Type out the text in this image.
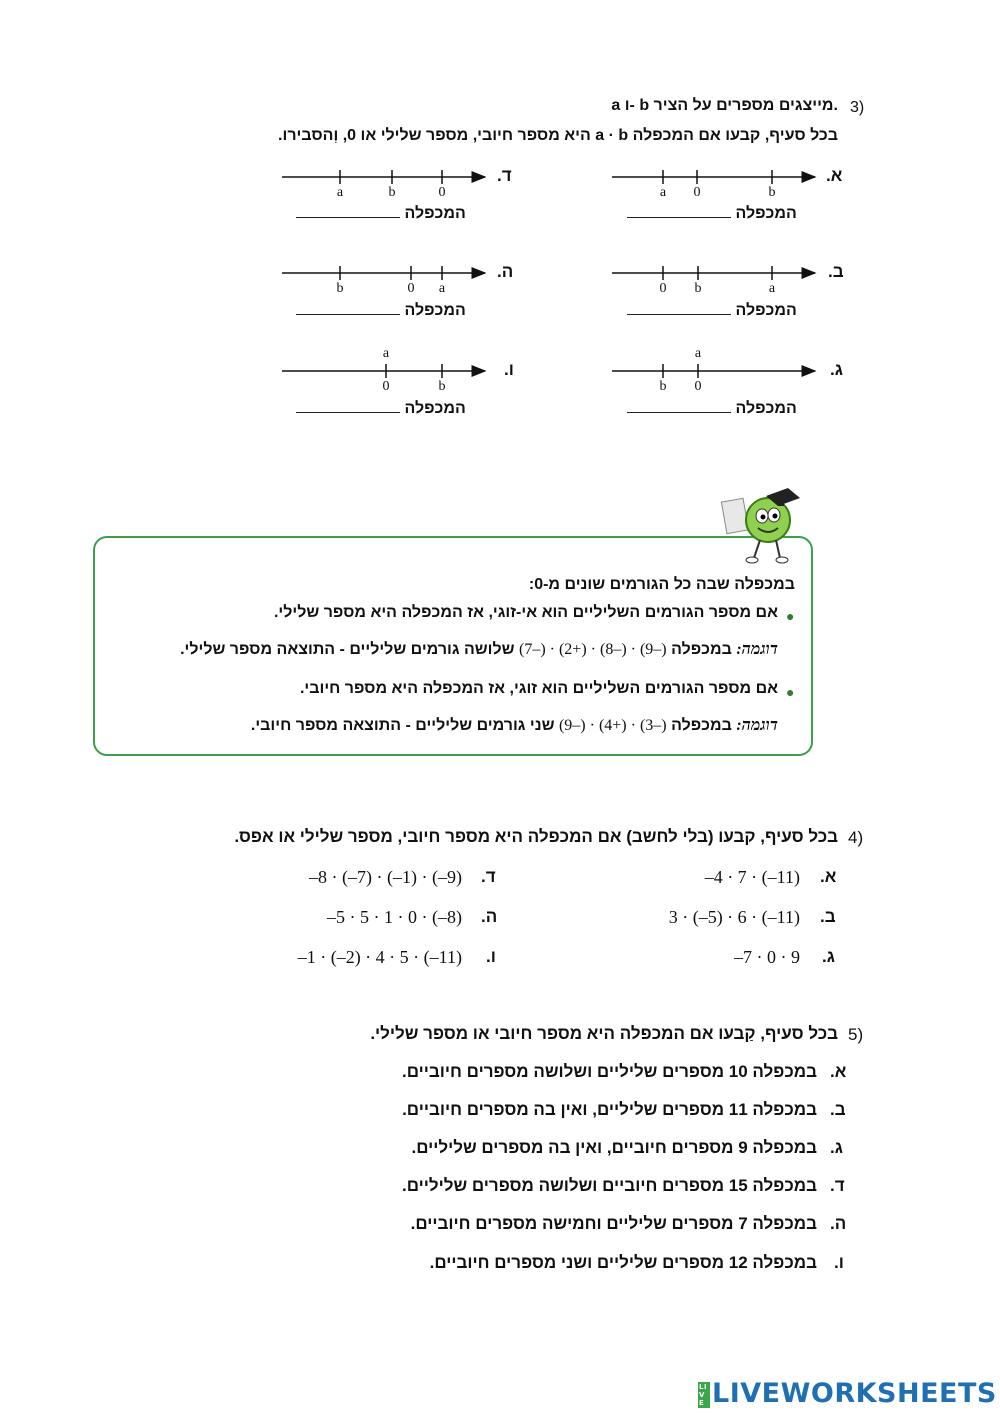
3)
a ו- b מייצגים מספרים על הציר.
בכל סעיף, קבעו אם המכפלה a · b היא מספר חיובי, מספר שלילי או 0, וְהסבירו.
א.
a 0	b
המכפלה
ב.
0 b	a
המכפלה
ג.
a
b 0
המכפלה
ד.
a	b	0
המכפלה
ה.
b	0 a
המכפלה
ו.
a
0	b
המכפלה
במכפלה שבה כל הגורמים שונים מ-0:
●
אם מספר הגורמים השליליים הוא אי-זוגי, אז המכפלה היא מספר שלילי.
דוגמה: במכפלה (–9) · (–8) · (+2) · (–7) שלושה גורמים שליליים - התוצאה מספר שלילי.
●
אם מספר הגורמים השליליים הוא זוגי, אז המכפלה היא מספר חיובי.
דוגמה: במכפלה (–3) · (+4) · (–9) שני גורמים שליליים - התוצאה מספר חיובי.
4)
בכל סעיף, קבעו (בלי לחשב) אם המכפלה היא מספר חיובי, מספר שלילי או אפס.
א.
–4 · 7 · (–11)
ב.
3 · (–5) · 6 · (–11)
ג.
–7 · 0 · 9
ד.
–8 · (–7) · (–1) · (–9)
ה.
–5 · 5 · 1 · 0 · (–8)
ו.
–1 · (–2) · 4 · 5 · (–11)
5)
בכל סעיף, קַבעו אם המכפלה היא מספר חיובי או מספר שלילי.
א.
במכפלה 10 מספרים שליליים ושלושה מספרים חיוביים.
ב.
במכפלה 11 מספרים שליליים, ואין בה מספרים חיוביים.
ג.
במכפלה 9 מספרים חיוביים, ואין בה מספרים שליליים.
ד.
במכפלה 15 מספרים חיוביים ושלושה מספרים שליליים.
ה.
במכפלה 7 מספרים שליליים וחמישה מספרים חיוביים.
ו.
במכפלה 12 מספרים שליליים ושני מספרים חיוביים.
LIVE LIVEWORKSHEETS
